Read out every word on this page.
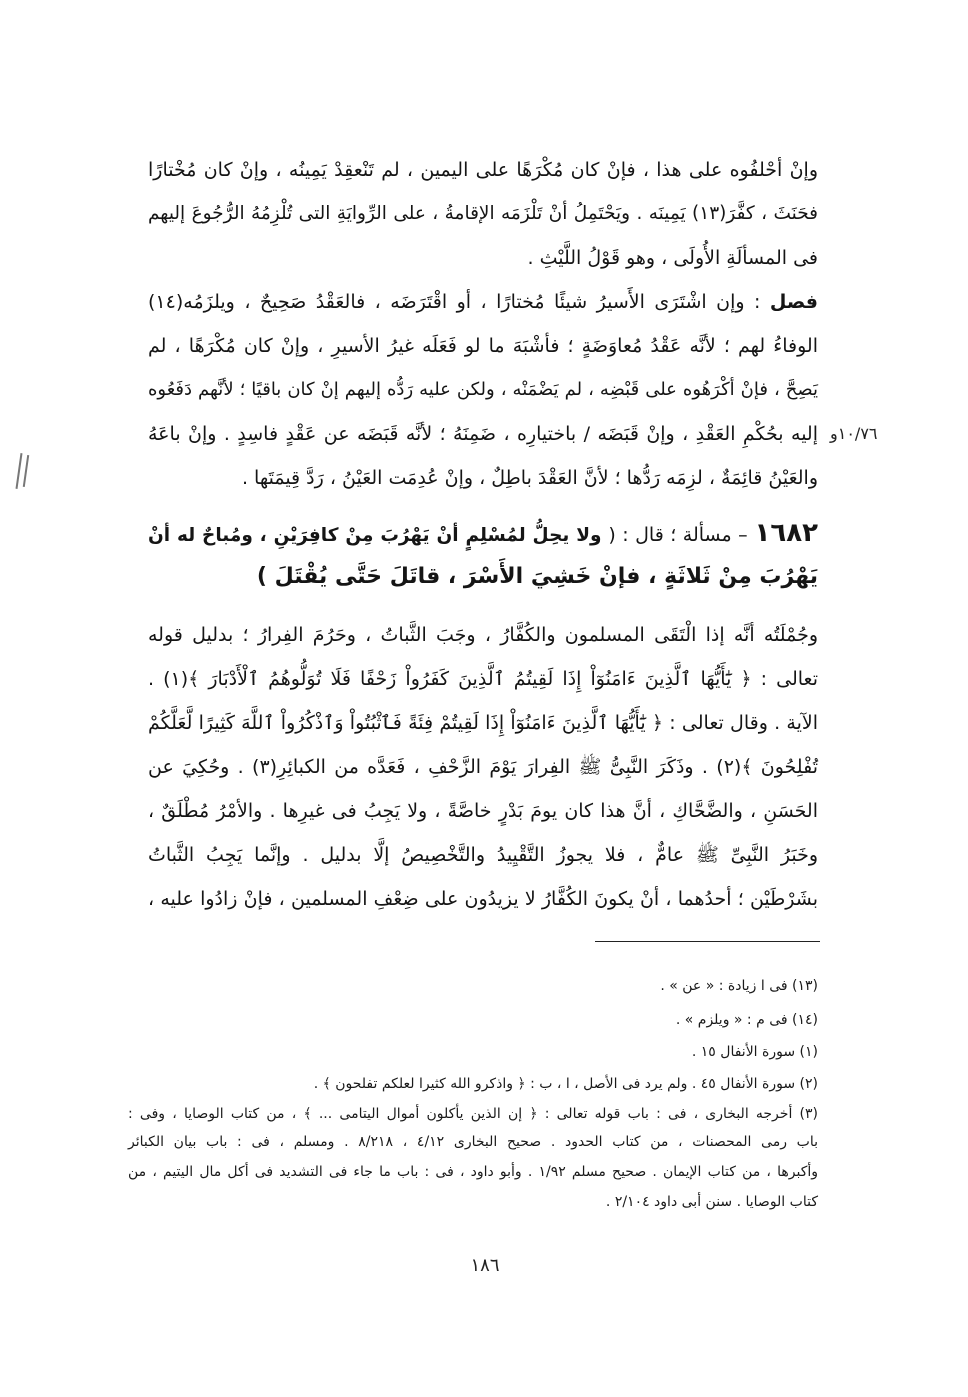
وإنْ أحْلفُوه على هذا ، فإنْ كان مُكْرَهًا على اليمين ، لم تَنْعقِدْ يَمِينُه ، وإنْ كان مُخْتارًا
فحَنَثَ ، كفَّرَ(١٣) يَمِينَه . ويَحْتَمِلُ أنْ تَلْزَمَه الإقامةُ ، على الرِّوايَةِ التى تُلْزِمُهُ الرُّجُوعَ إليهم
فى المسألَةِ الأُولَى ، وهو قَوْلُ اللَّيْثِ .
فصل : وإن اشْتَرَى الأَسيرُ شيئًا مُختارًا ، أو اقْتَرَضَه ، فالعَقْدُ صَحِيحٌ ، ويلزَمُه(١٤)
الوفاءُ لهم ؛ لأنَّه عَقْدُ مُعاوَضَةٍ ؛ فأشْبَهَ ما لو فَعَلَه غيرُ الأسيرِ ، وإنْ كان مُكْرَهًا ، لم
يَصِحَّ ، فإنْ أكْرَهُوه على قَبْضِه ، لم يَضْمَنْه ، ولكن عليه رَدُّه إليهم إنْ كان باقيًا ؛ لأنَّهم دَفَعُوه
إليه بحُكْمِ العَقْدِ ، وإنْ قَبَضَه / باختيارِه ، ضَمِنَهُ ؛ لأنَّه قَبَضَه عن عَقْدٍ فاسِدٍ . وإنْ باعَهُ
والعَيْنُ قائِمَةٌ ، لزِمَه رَدُّها ؛ لأنَّ العَقْدَ باطِلٌ ، وإنْ عُدِمَت العَيْنُ ، رَدَّ قِيمَتَها .
١٠/٧٦و
١٦٨٢ – مسألة ؛ قال : ( ولا يحِلُّ لمُسْلِمٍ أنْ يَهْرُبَ مِنْ كافِرَيْنِ ، ومُباحٌ له أنْ
يَهْرُبَ مِنْ ثَلاثَةٍ ، فإنْ خَشِيَ الأَسْرَ ، قاتَلَ حَتَّى يُقْتَلَ )
وجُمْلَتُه أنَّه إذا الْتَقَى المسلمون والكُفَّارُ ، وجَبَ الثَّباتُ ، وحَرُمَ الفِرارُ ؛ بدليل قوله
تعالى : ﴿ يَٰٓأَيُّهَا ٱلَّذِينَ ءَامَنُوٓاْ إِذَا لَقِيتُمُ ٱلَّذِينَ كَفَرُواْ زَحْفًا فَلَا تُوَلُّوهُمُ ٱلْأَدْبَارَ ﴾(١) .
الآية . وقال تعالى : ﴿ يَٰٓأَيُّهَا ٱلَّذِينَ ءَامَنُوٓاْ إِذَا لَقِيتُمْ فِئَةً فَٱثْبُتُواْ وَٱذْكُرُواْ ٱللَّهَ كَثِيرًا لَّعَلَّكُمْ
تُفْلِحُونَ ﴾(٢) . وذَكَرَ النَّبِىُّ ﷺ الفِرارَ يَوْمَ الزَّحْفِ ، فَعَدَّه من الكبائِرِ(٣) . وحُكِيَ عن
الحَسَنِ ، والضَّحَّاكِ ، أنَّ هذا كان يومَ بَدْرٍ خاصَّةً ، ولا يَجِبُ فى غيرِها . والأمْرُ مُطْلَقٌ ،
وخَبَرُ النَّبِىِّ ﷺ عامٌّ ، فلا يجوزُ التَّقْيِيدُ والتَّخْصِيصُ إلَّا بدليل . وإنَّما يَجِبُ الثَّباتُ
بشَرْطَيْن ؛ أحدُهما ، أنْ يكونَ الكُفَّارُ لا يزيدُون على ضِعْفِ المسلمين ، فإنْ زادُوا عليه ،
(١٣) فى ا زيادة : « عن » .
(١٤) فى م : « ويلزم » .
(١) سورة الأنفال ١٥ .
(٢) سورة الأنفال ٤٥ . ولم يرد فى الأصل ، ا ، ب : ﴿ واذكرو الله كثيرا لعلكم تفلحون ﴾ .
(٣) أخرجه البخارى ، فى : باب قوله تعالى : ﴿ إن الذين يأكلون أموال اليتامى ... ﴾ ، من كتاب الوصايا ، وفى :
باب رمى المحصنات ، من كتاب الحدود . صحيح البخارى ٤/١٢ ، ٨/٢١٨ . ومسلم ، فى : باب بيان الكبائر
وأكبرها ، من كتاب الإيمان . صحيح مسلم ١/٩٢ . وأبو داود ، فى : باب ما جاء فى التشديد فى أكل مال اليتيم ، من
كتاب الوصايا . سنن أبى داود ٢/١٠٤ .
١٨٦
